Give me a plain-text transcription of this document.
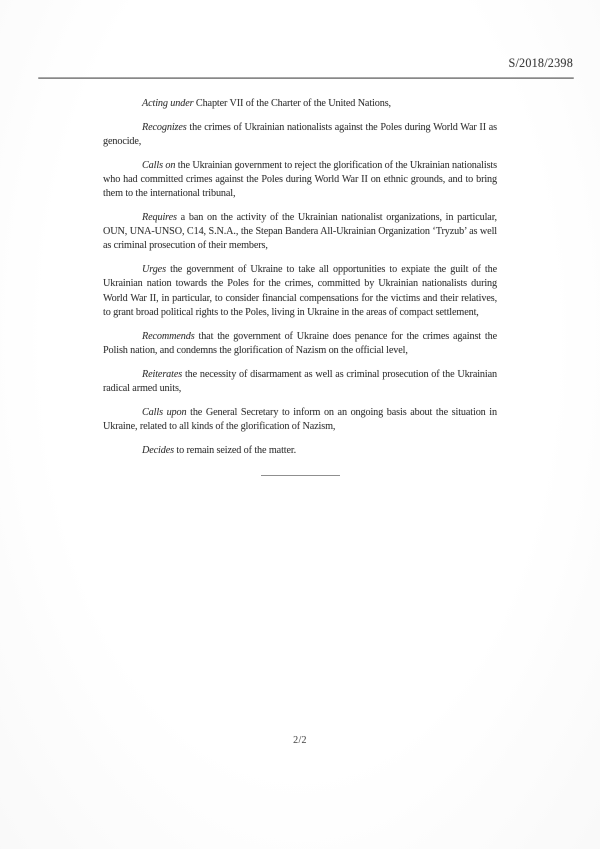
S/2018/2398

Acting under Chapter VII of the Charter of the United Nations,

Recognizes the crimes of Ukrainian nationalists against the Poles during World War II as genocide,

Calls on the Ukrainian government to reject the glorification of the Ukrainian nationalists who had committed crimes against the Poles during World War II on ethnic grounds, and to bring them to the international tribunal,

Requires a ban on the activity of the Ukrainian nationalist organizations, in particular, OUN, UNA-UNSO, C14, S.N.A., the Stepan Bandera All-Ukrainian Organization ‘Tryzub’ as well as criminal prosecution of their members,

Urges the government of Ukraine to take all opportunities to expiate the guilt of the Ukrainian nation towards the Poles for the crimes, committed by Ukrainian nationalists during World War II, in particular, to consider financial compensations for the victims and their relatives, to grant broad political rights to the Poles, living in Ukraine in the areas of compact settlement,

Recommends that the government of Ukraine does penance for the crimes against the Polish nation, and condemns the glorification of Nazism on the official level,

Reiterates the necessity of disarmament as well as criminal prosecution of the Ukrainian radical armed units,

Calls upon the General Secretary to inform on an ongoing basis about the situation in Ukraine, related to all kinds of the glorification of Nazism,

Decides to remain seized of the matter.

2/2
